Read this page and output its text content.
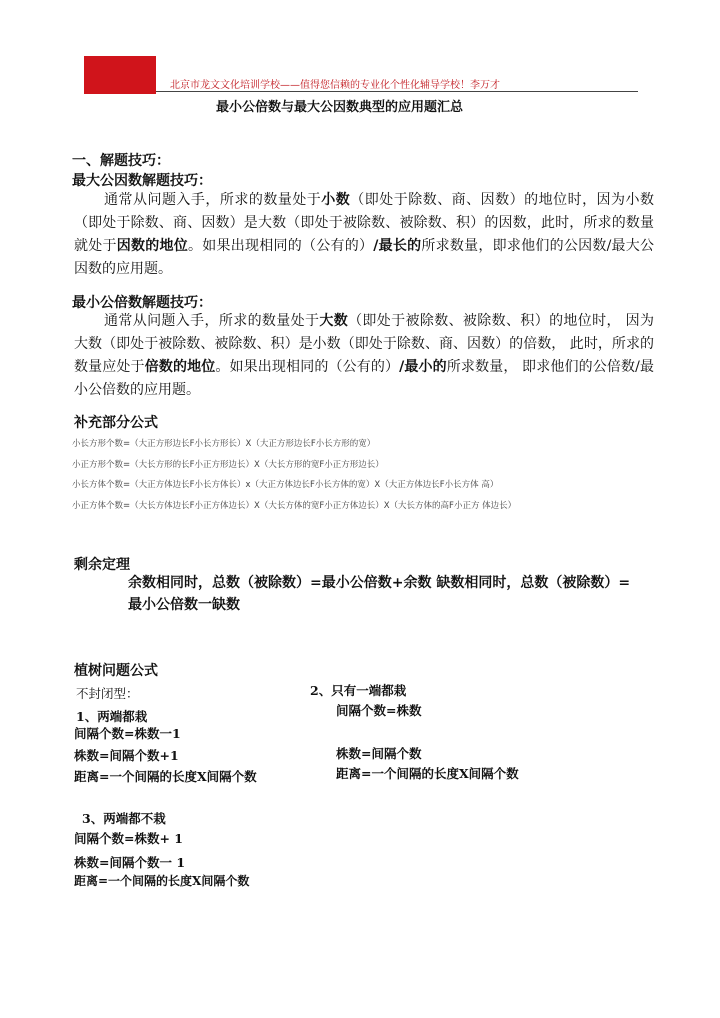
北京市龙文文化培训学校——值得您信赖的专业化个性化辅导学校！李万才
最小公倍数与最大公因数典型的应用题汇总
一、解题技巧：
最大公因数解题技巧：
通常从问题入手，所求的数量处于小数（即处于除数、商、因数）的地位时，因为小数（即处于除数、商、因数）是大数（即处于被除数、被除数、积）的因数，此时，所求的数量就处于因数的地位。如果出现相同的（公有的）/最长的所求数量，即求他们的公因数/最大公因数的应用题。
最小公倍数解题技巧：
通常从问题入手，所求的数量处于大数（即处于被除数、被除数、积）的地位时， 因为大数（即处于被除数、被除数、积）是小数（即处于除数、商、因数）的倍数， 此时，所求的数量应处于倍数的地位。如果出现相同的（公有的）/最小的所求数量， 即求他们的公倍数/最小公倍数的应用题。
补充部分公式
小长方形个数=（大正方形边长F小长方形长）X（大正方形边长F小长方形的宽）
小正方形个数=（大长方形的长F小正方形边长）X（大长方形的宽F小正方形边长）
小长方体个数=（大正方体边长F小长方体长）x（大正方体边长F小长方体的宽）X（大正方体边长F小长方体 高）
小正方体个数=（大长方体边长F小正方体边长）X（大长方体的宽F小正方体边长）X（大长方体的高F小正方 体边长）
剩余定理
余数相同时，总数（被除数）=最小公倍数+余数 缺数相同时，总数（被除数）=最小公倍数一缺数
植树问题公式
不封闭型：
1、两端都栽
间隔个数=株数一1
株数=间隔个数+1
距离=一个间隔的长度X间隔个数
2、只有一端都栽
间隔个数=株数
株数=间隔个数
距离=一个间隔的长度X间隔个数
3、两端都不栽
间隔个数=株数+ 1
株数=间隔个数一 1
距离=一个间隔的长度X间隔个数
